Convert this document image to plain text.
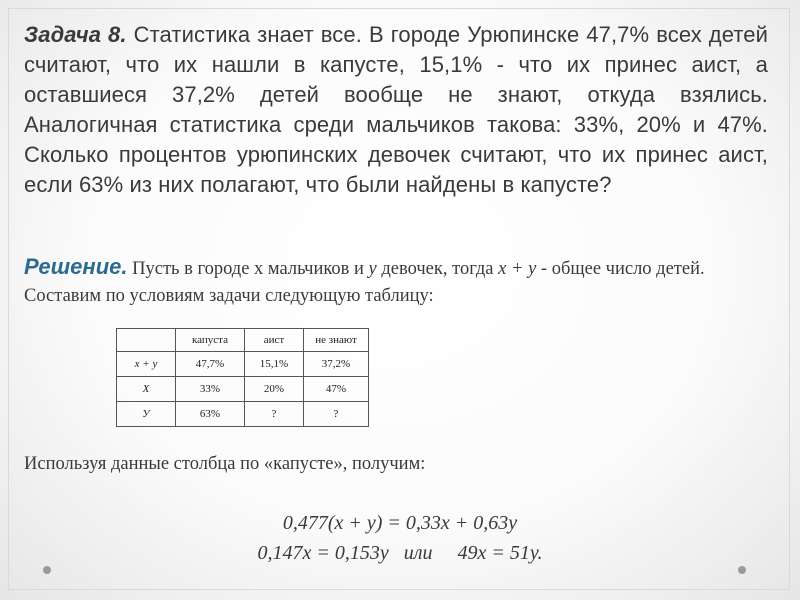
Задача 8. Статистика знает все. В городе Урюпинске 47,7% всех детей считают, что их нашли в капусте, 15,1% - что их принес аист, а оставшиеся 37,2% детей вообще не знают, откуда взялись. Аналогичная статистика среди мальчиков такова: 33%, 20% и 47%. Сколько процентов урюпинских девочек считают, что их принес аист, если 63% из них полагают, что были найдены в капусте?
Решение. Пусть в городе х мальчиков и у девочек, тогда х + у - общее число детей. Составим по условиям задачи следующую таблицу:
	капуста	аист	не знают
х + у	47,7%	15,1%	37,2%
Х	33%	20%	47%
У	63%	?	?
Используя данные столбца по «капусте», получим:
0,477(х + у) = 0,33х + 0,63у
0,147х = 0,153у   или     49х = 51у.
